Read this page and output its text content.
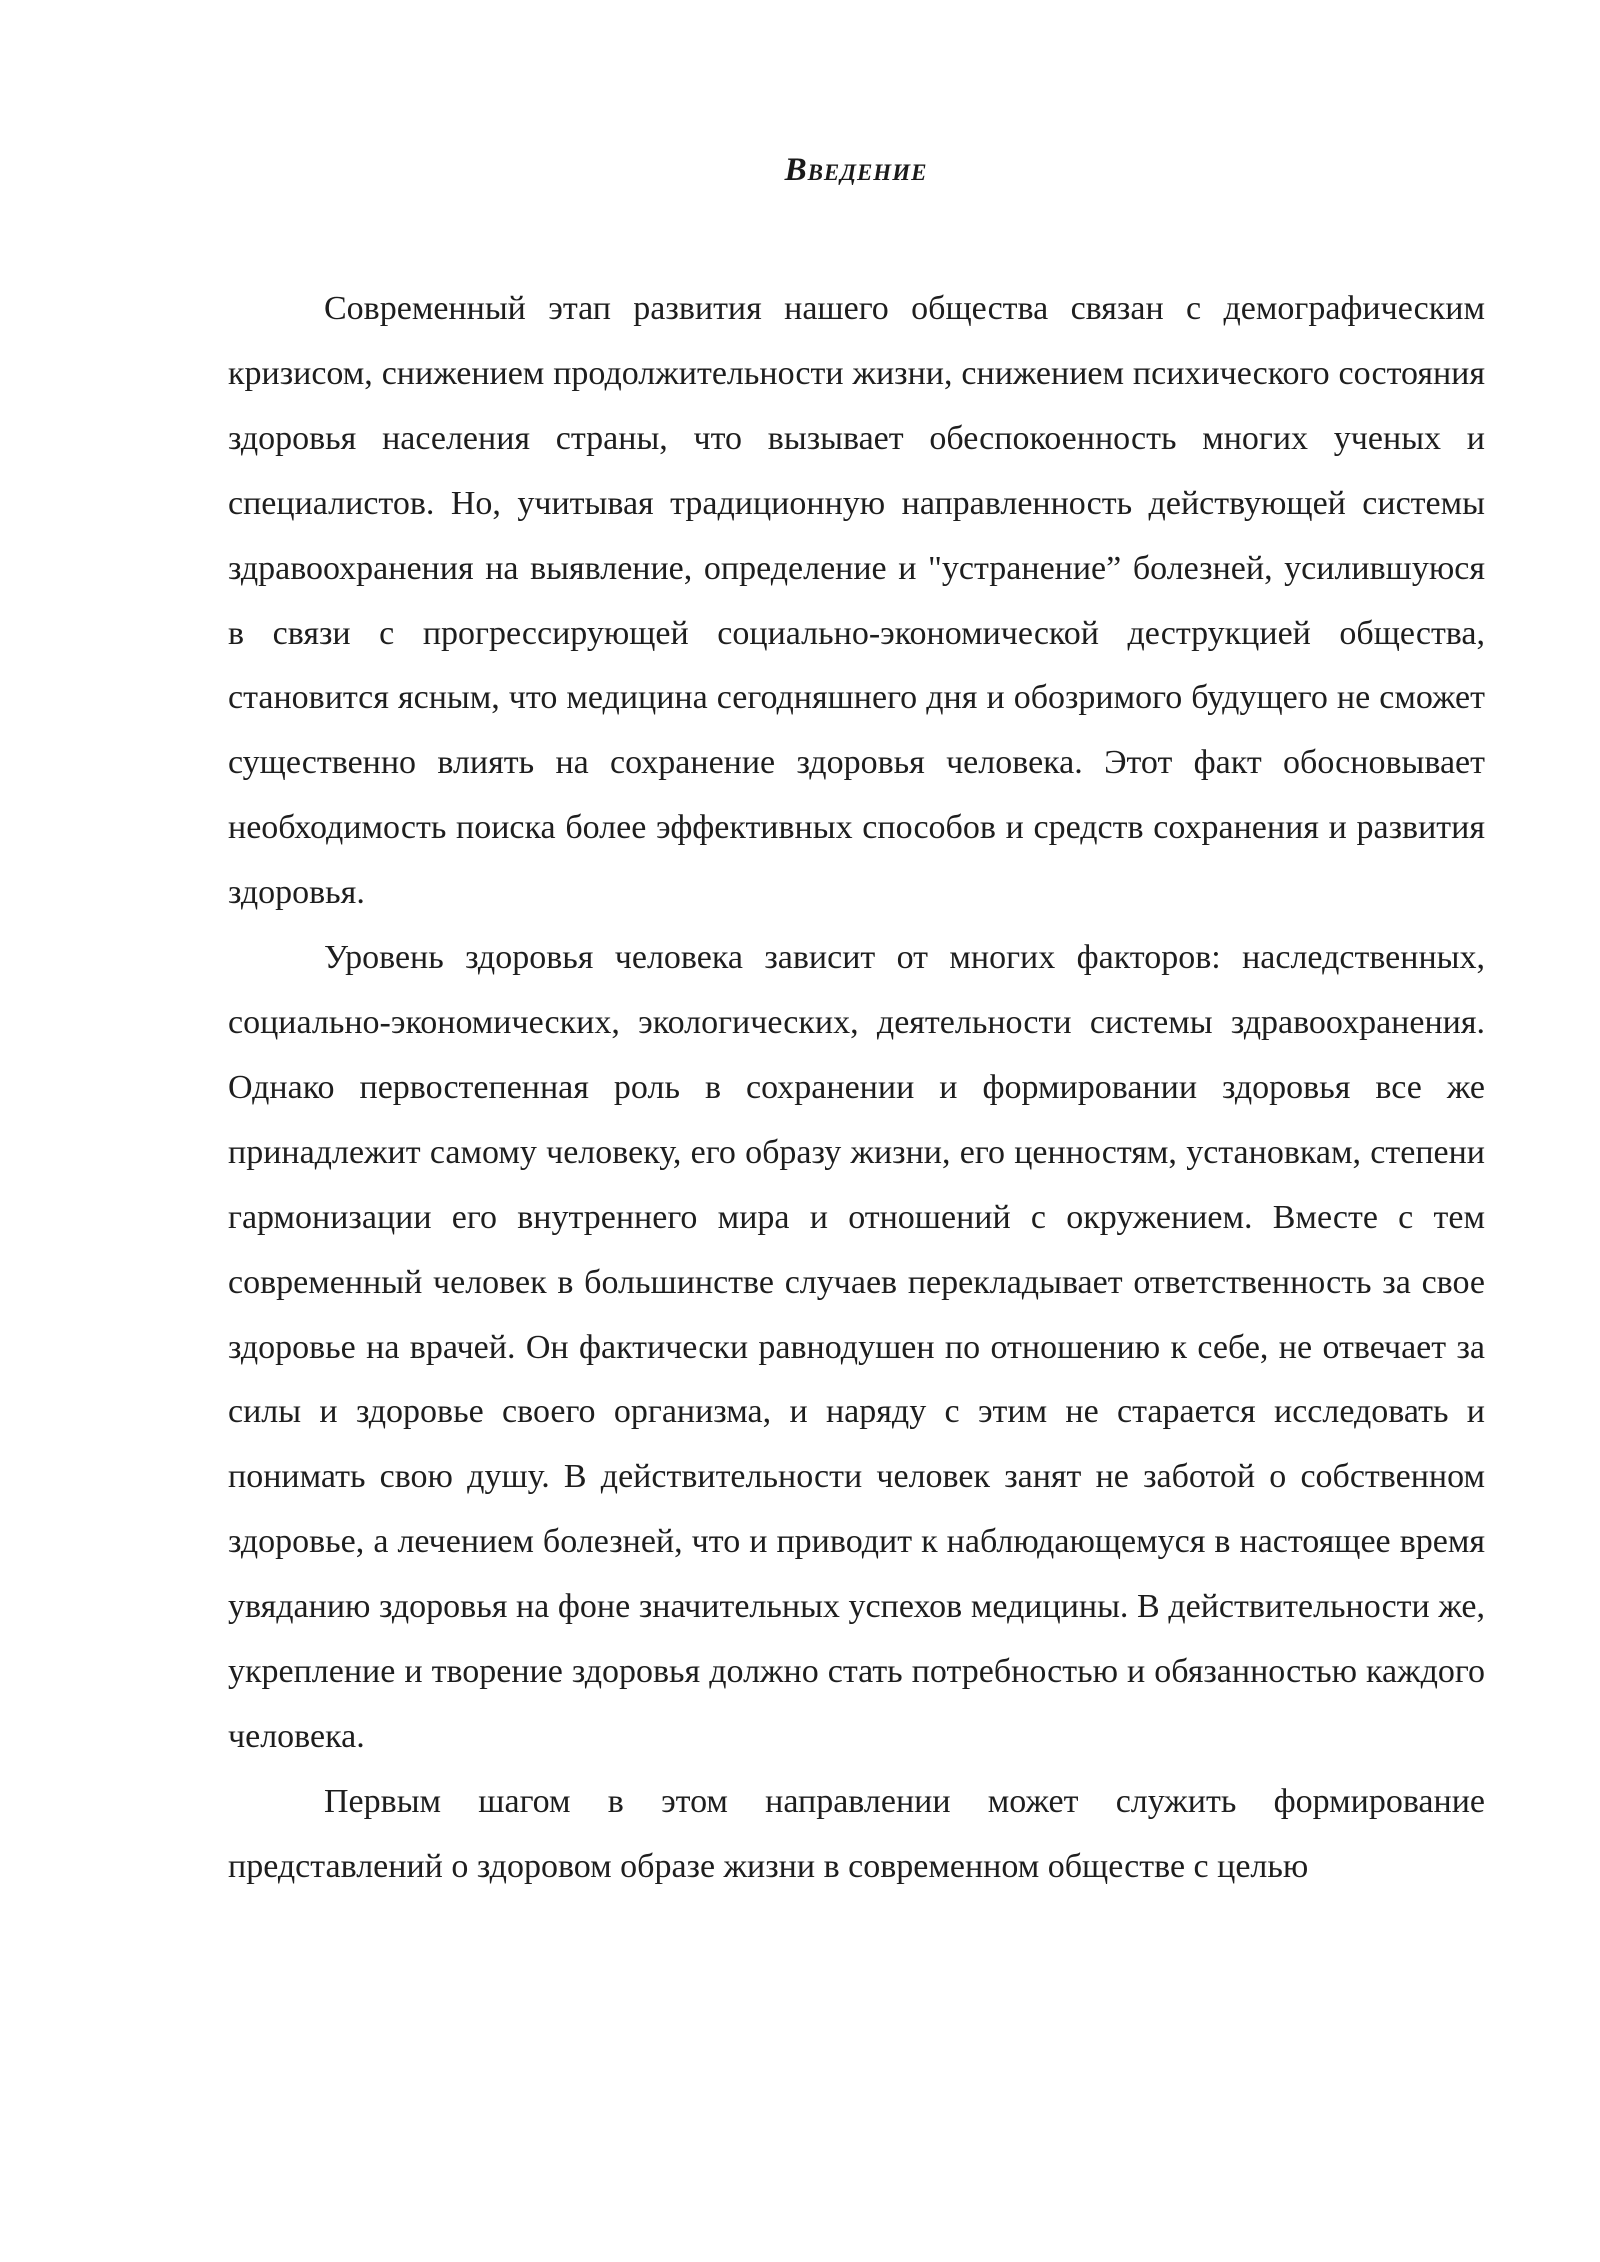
Введение

Современный этап развития нашего общества связан с демографическим кризисом, снижением продолжительности жизни, снижением психического состояния здоровья населения страны, что вызывает обеспокоенность многих ученых и специалистов. Но, учитывая традиционную направленность действующей системы здравоохранения на выявление, определение и "устранение” болезней, усилившуюся в связи с прогрессирующей социально-экономической деструкцией общества, становится ясным, что медицина сегодняшнего дня и обозримого будущего не сможет существенно влиять на сохранение здоровья человека. Этот факт обосновывает необходимость поиска более эффективных способов и средств сохранения и развития здоровья.

Уровень здоровья человека зависит от многих факторов: наследственных, социально-экономических, экологических, деятельности системы здравоохранения. Однако первостепенная роль в сохранении и формировании здоровья все же принадлежит самому человеку, его образу жизни, его ценностям, установкам, степени гармонизации его внутреннего мира и отношений с окружением. Вместе с тем современный человек в большинстве случаев перекладывает ответственность за свое здоровье на врачей. Он фактически равнодушен по отношению к себе, не отвечает за силы и здоровье своего организма, и наряду с этим не старается исследовать и понимать свою душу. В действительности человек занят не заботой о собственном здоровье, а лечением болезней, что и приводит к наблюдающемуся в настоящее время увяданию здоровья на фоне значительных успехов медицины. В действительности же, укрепление и творение здоровья должно стать потребностью и обязанностью каждого человека.

Первым шагом в этом направлении может служить формирование представлений о здоровом образе жизни в современном обществе с целью
